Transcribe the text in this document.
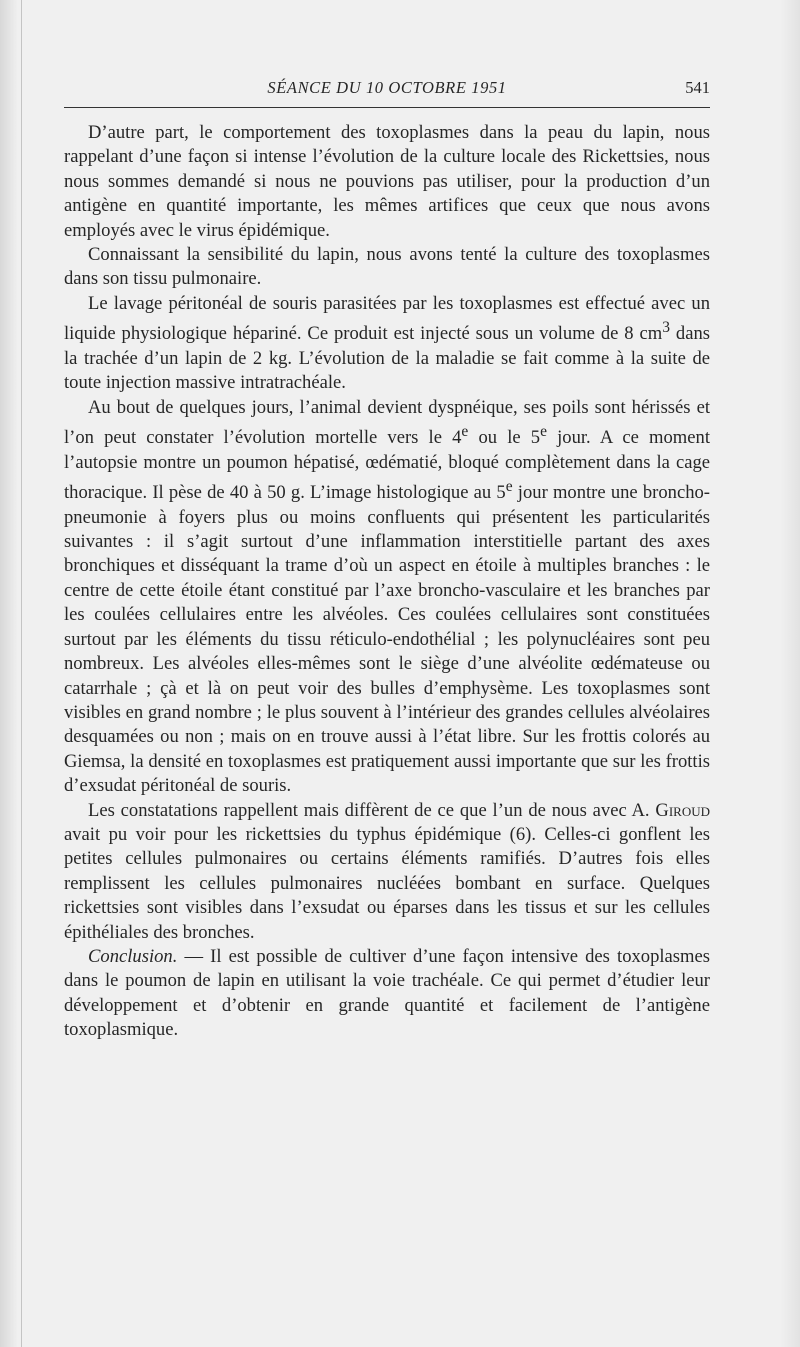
SÉANCE DU 10 OCTOBRE 1951	541

D’autre part, le comportement des toxoplasmes dans la peau du lapin, nous rappelant d’une façon si intense l’évolution de la culture locale des Rickettsies, nous nous sommes demandé si nous ne pouvions pas utiliser, pour la production d’un antigène en quantité importante, les mêmes artifices que ceux que nous avons employés avec le virus épidémique.

Connaissant la sensibilité du lapin, nous avons tenté la culture des toxoplasmes dans son tissu pulmonaire.

Le lavage péritonéal de souris parasitées par les toxoplasmes est effectué avec un liquide physiologique hépariné. Ce produit est injecté sous un volume de 8 $cm^3$ dans la trachée d’un lapin de 2 kg. L’évolution de la maladie se fait comme à la suite de toute injection massive intratrachéale.

Au bout de quelques jours, l’animal devient dyspnéique, ses poils sont hérissés et l’on peut constater l’évolution mortelle vers le 4e ou le 5e jour. A ce moment l’autopsie montre un poumon hépatisé, œdématié, bloqué complètement dans la cage thoracique. Il pèse de 40 à 50 g. L’image histologique au 5e jour montre une broncho-pneumonie à foyers plus ou moins confluents qui présentent les particularités suivantes : il s’agit surtout d’une inflammation interstitielle partant des axes bronchiques et disséquant la trame d’où un aspect en étoile à multiples branches : le centre de cette étoile étant constitué par l’axe broncho-vasculaire et les branches par les coulées cellulaires entre les alvéoles. Ces coulées cellulaires sont constituées surtout par les éléments du tissu réticulo-endothélial ; les polynucléaires sont peu nombreux. Les alvéoles elles-mêmes sont le siège d’une alvéolite œdémateuse ou catarrhale ; çà et là on peut voir des bulles d’emphysème. Les toxoplasmes sont visibles en grand nombre ; le plus souvent à l’intérieur des grandes cellules alvéolaires desquamées ou non ; mais on en trouve aussi à l’état libre. Sur les frottis colorés au Giemsa, la densité en toxoplasmes est pratiquement aussi importante que sur les frottis d’exsudat péritonéal de souris.

Les constatations rappellent mais diffèrent de ce que l’un de nous avec A. Giroud avait pu voir pour les rickettsies du typhus épidémique (6). Celles-ci gonflent les petites cellules pulmonaires ou certains éléments ramifiés. D’autres fois elles remplissent les cellules pulmonaires nucléées bombant en surface. Quelques rickettsies sont visibles dans l’exsudat ou éparses dans les tissus et sur les cellules épithéliales des bronches.

Conclusion. — Il est possible de cultiver d’une façon intensive des toxoplasmes dans le poumon de lapin en utilisant la voie trachéale. Ce qui permet d’étudier leur développement et d’obtenir en grande quantité et facilement de l’antigène toxoplasmique.
